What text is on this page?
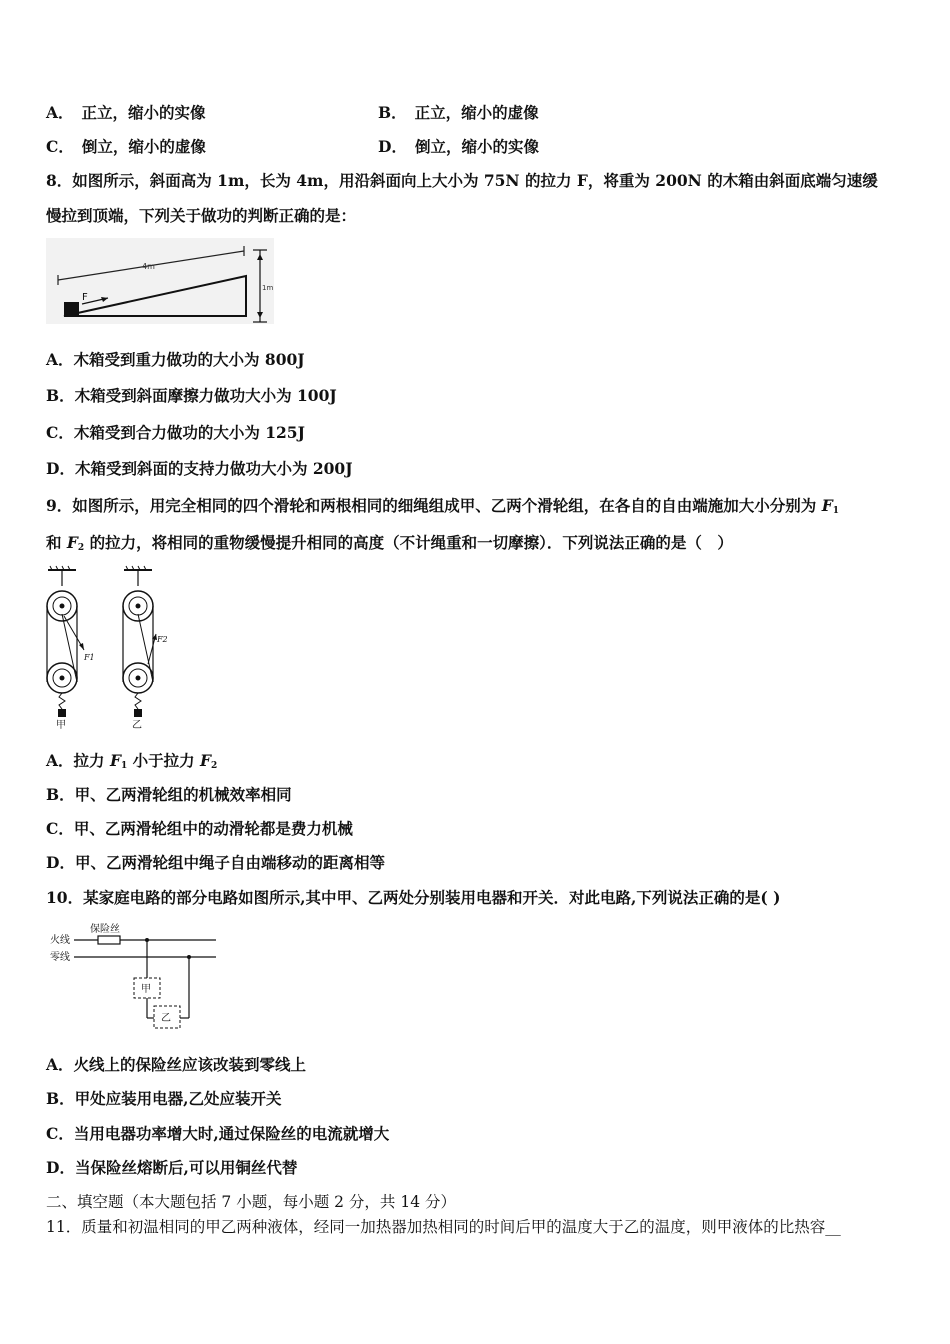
A． 正立，缩小的实像	B． 正立，缩小的虚像
C． 倒立，缩小的虚像	D． 倒立，缩小的实像
8．如图所示，斜面高为 1m，长为 4m，用沿斜面向上大小为 75N 的拉力 F，将重为 200N 的木箱由斜面底端匀速缓
慢拉到顶端，下列关于做功的判断正确的是：
4m
F
1m
A．木箱受到重力做功的大小为 800J
B．木箱受到斜面摩擦力做功大小为 100J
C．木箱受到合力做功的大小为 125J
D．木箱受到斜面的支持力做功大小为 200J
9．如图所示，用完全相同的四个滑轮和两根相同的细绳组成甲、乙两个滑轮组，在各自的自由端施加大小分别为 $F_1$
和 $F_2$ 的拉力，将相同的重物缓慢提升相同的高度（不计绳重和一切摩擦）．下列说法正确的是（　）
F1
甲
F2
乙
A．拉力 $F_1$ 小于拉力 $F_2$
B．甲、乙两滑轮组的机械效率相同
C．甲、乙两滑轮组中的动滑轮都是费力机械
D．甲、乙两滑轮组中绳子自由端移动的距离相等
10．某家庭电路的部分电路如图所示,其中甲、乙两处分别装用电器和开关．对此电路,下列说法正确的是( )
火线
零线
保险丝
甲
乙
A．火线上的保险丝应该改装到零线上
B．甲处应装用电器,乙处应装开关
C．当用电器功率增大时,通过保险丝的电流就增大
D．当保险丝熔断后,可以用铜丝代替
二、填空题（本大题包括 7 小题，每小题 2 分，共 14 分）
11．质量和初温相同的甲乙两种液体，经同一加热器加热相同的时间后甲的温度大于乙的温度，则甲液体的比热容__
